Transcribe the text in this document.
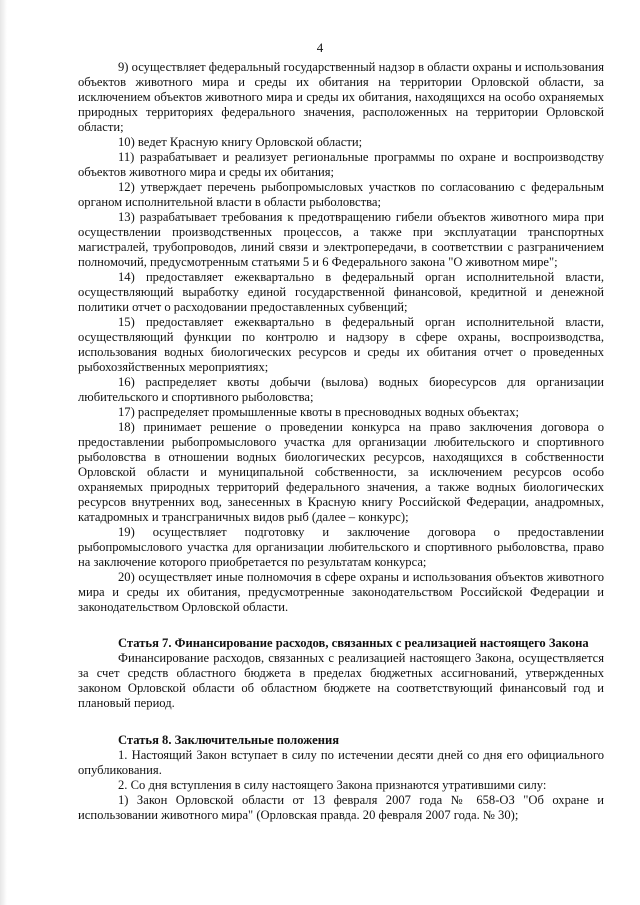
4

9) осуществляет федеральный государственный надзор в области охраны и использования объектов животного мира и среды их обитания на территории Орловской области, за исключением объектов животного мира и среды их обитания, находящихся на особо охраняемых природных территориях федерального значения, расположенных на территории Орловской области;

10) ведет Красную книгу Орловской области;

11) разрабатывает и реализует региональные программы по охране и воспроизводству объектов животного мира и среды их обитания;

12) утверждает перечень рыбопромысловых участков по согласованию с федеральным органом исполнительной власти в области рыболовства;

13) разрабатывает требования к предотвращению гибели объектов животного мира при осуществлении производственных процессов, а также при эксплуатации транспортных магистралей, трубопроводов, линий связи и электропередачи, в соответствии с разграничением полномочий, предусмотренным статьями 5 и 6 Федерального закона "О животном мире";

14) предоставляет ежеквартально в федеральный орган исполнительной власти, осуществляющий выработку единой государственной финансовой, кредитной и денежной политики отчет о расходовании предоставленных субвенций;

15) предоставляет ежеквартально в федеральный орган исполнительной власти, осуществляющий функции по контролю и надзору в сфере охраны, воспроизводства, использования водных биологических ресурсов и среды их обитания отчет о проведенных рыбохозяйственных мероприятиях;

16) распределяет квоты добычи (вылова) водных биоресурсов для организации любительского и спортивного рыболовства;

17) распределяет промышленные квоты в пресноводных водных объектах;

18) принимает решение о проведении конкурса на право заключения договора о предоставлении рыбопромыслового участка для организации любительского и спортивного рыболовства в отношении водных биологических ресурсов, находящихся в собственности Орловской области и муниципальной собственности, за исключением ресурсов особо охраняемых природных территорий федерального значения, а также водных биологических ресурсов внутренних вод, занесенных в Красную книгу Российской Федерации, анадромных, катадромных и трансграничных видов рыб (далее – конкурс);

19) осуществляет подготовку и заключение договора о предоставлении рыбопромыслового участка для организации любительского и спортивного рыболовства, право на заключение которого приобретается по результатам конкурса;

20) осуществляет иные полномочия в сфере охраны и использования объектов животного мира и среды их обитания, предусмотренные законодательством Российской Федерации и законодательством Орловской области.

Статья 7. Финансирование расходов, связанных с реализацией настоящего Закона

Финансирование расходов, связанных с реализацией настоящего Закона, осуществляется за счет средств областного бюджета в пределах бюджетных ассигнований, утвержденных законом Орловской области об областном бюджете на соответствующий финансовый год и плановый период.

Статья 8. Заключительные положения

1. Настоящий Закон вступает в силу по истечении десяти дней со дня его официального опубликования.

2. Со дня вступления в силу настоящего Закона признаются утратившими силу:

1) Закон Орловской области от 13 февраля 2007 года № 658-ОЗ "Об охране и использовании животного мира" (Орловская правда. 20 февраля 2007 года. № 30);
